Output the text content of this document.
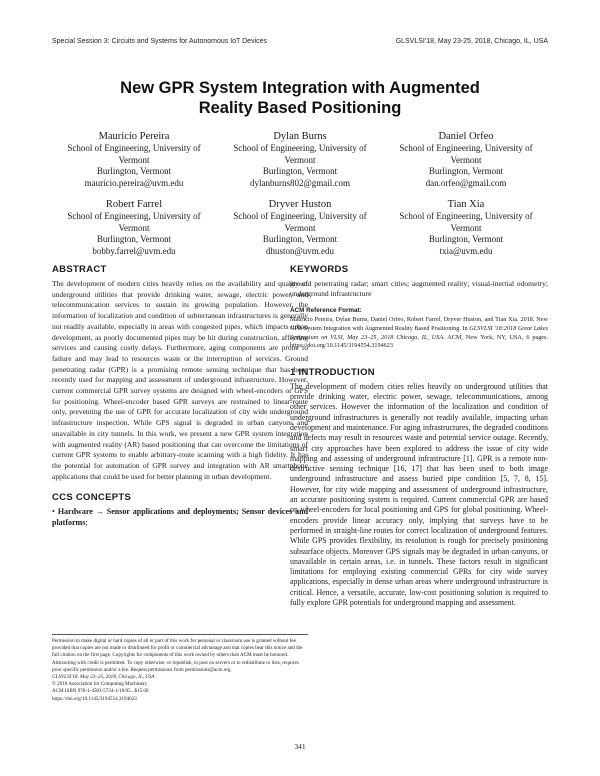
Special Session 3: Circuits and Systems for Autonomous IoT Devices	GLSVLSI'18, May 23-25, 2018, Chicago, IL, USA
New GPR System Integration with Augmented
Reality Based Positioning
Mauricio Pereira
School of Engineering, University of
Vermont
Burlington, Vermont
mauricio.pereira@uvm.edu
Dylan Burns
School of Engineering, University of
Vermont
Burlington, Vermont
dylanburns802@gmail.com
Daniel Orfeo
School of Engineering, University of
Vermont
Burlington, Vermont
dan.orfeo@gmail.com
Robert Farrel
School of Engineering, University of
Vermont
Burlington, Vermont
bobby.farrel@uvm.edu
Dryver Huston
School of Engineering, University of
Vermont
Burlington, Vermont
dhuston@uvm.edu
Tian Xia
School of Engineering, University of
Vermont
Burlington, Vermont
txia@uvm.edu
ABSTRACT

The development of modern cities heavily relies on the availability and quality of underground utilities that provide drinking water, sewage, electric power, and telecommunication services to sustain its growing population. However, the information of localization and condition of subterranean infrastructures is generally not readily available, especially in areas with congested pipes, which impacts urban development, as poorly documented pipes may be hit during construction, affecting services and causing costly delays. Furthermore, aging components are prone to failure and may lead to resources waste or the interruption of services. Ground penetrating radar (GPR) is a promising remote sensing technique that has been recently used for mapping and assessment of underground infrastructure. However, current commercial GPR survey systems are designed with wheel-encoders or GPS for positioning. Wheel-encoder based GPR surveys are restrained to linear-route only, preventing the use of GPR for accurate localization of city wide underground infrastructure inspection. While GPS signal is degraded in urban canyons and unavailable in city tunnels. In this work, we present a new GPR system integration with augmented reality (AR) based positioning that can overcome the limitations of current GPR systems to enable arbitrary-route scanning with a high fidelity. It has the potential for automation of GPR survey and integration with AR smartphone applications that could be used for better planning in urban development.

CCS CONCEPTS

• Hardware → Sensor applications and deployments; Sensor devices and platforms;

Permission to make digital or hard copies of all or part of this work for personal or classroom use is granted without fee provided that copies are not made or distributed for profit or commercial advantage and that copies bear this notice and the full citation on the first page. Copyrights for components of this work owned by others than ACM must be honored. Abstracting with credit is permitted. To copy otherwise, or republish, to post on servers or to redistribute to lists, requires prior specific permission and/or a fee. Request permissions from permissions@acm.org.

GLSVLSI'18, May 23–25, 2018, Chicago, IL, USA

© 2018 Association for Computing Machinery.

ACM ISBN 978-1-4503-5724-1/18/05...$15.00

https://doi.org/10.1145/3194554.3194623

KEYWORDS

ground penetrating radar; smart cities; augmented reality; visual-inertial odometry; underground infrastructure

ACM Reference Format:

Mauricio Pereira, Dylan Burns, Daniel Orfeo, Robert Farrel, Dryver Huston, and Tian Xia. 2018. New GPR System Integration with Augmented Reality Based Positioning. In GLSVLSI '18:2018 Great Lakes Symposium on VLSI, May 23–25, 2018 Chicago, IL, USA. ACM, New York, NY, USA, 6 pages. https://doi.org/10.1145/3194554.3194623

1 INTRODUCTION

The development of modern cities relies heavily on underground utilities that provide drinking water, electric power, sewage, telecommunications, among other services. However the information of the localization and condition of underground infrastructures is generally not readily available, impacting urban development and maintenance. For aging infrastructures, the degraded conditions and defects may result in resources waste and potential service outage. Recently, smart city approaches have been explored to address the issue of city wide mapping and assessing of underground infrastructure [1]. GPR is a remote non-destructive sensing technique [16, 17] that has been used to both image underground infrastructure and assess buried pipe condition [5, 7, 8, 15]. However, for city wide mapping and assessment of underground infrastructure, an accurate positioning system is required. Current commercial GPR are based on wheel-encoders for local positioning and GPS for global positioning. Wheel-encoders provide linear accuracy only, implying that surveys have to be performed in straight-line routes for correct localization of underground features. While GPS provides flexibility, its resolution is rough for precisely positioning subsurface objects. Moreover GPS signals may be degraded in urban canyons, or unavailable in certain areas, i.e. in tunnels. These factors result in significant limitations for employing existing commercial GPRs for city wide survey applications, especially in dense urban areas where underground infrastructure is critical. Hence, a versatile, accurate, low-cost positioning solution is required to fully explore GPR potentials for underground mapping and assessment.

341
